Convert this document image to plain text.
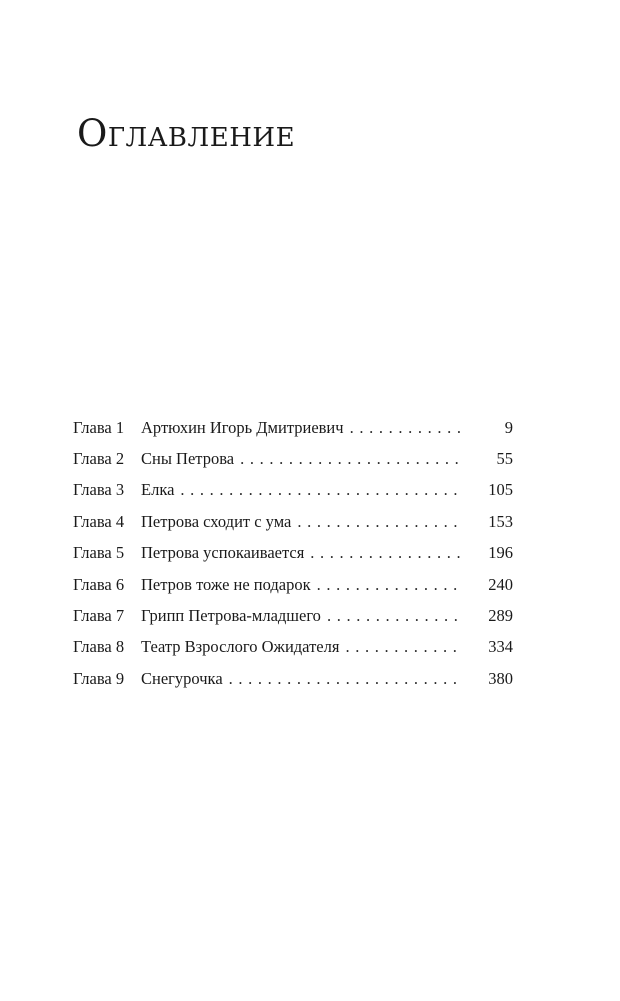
Оглавление
Глава 1	Артюхин Игорь Дмитриевич . . .	9
Глава 2	Сны Петрова . . .	55
Глава 3	Елка . . .	105
Глава 4	Петрова сходит с ума . . .	153
Глава 5	Петрова успокаивается . . .	196
Глава 6	Петров тоже не подарок . . .	240
Глава 7	Грипп Петрова-младшего . . .	289
Глава 8	Театр Взрослого Ожидателя . . .	334
Глава 9	Снегурочка . . .	380
